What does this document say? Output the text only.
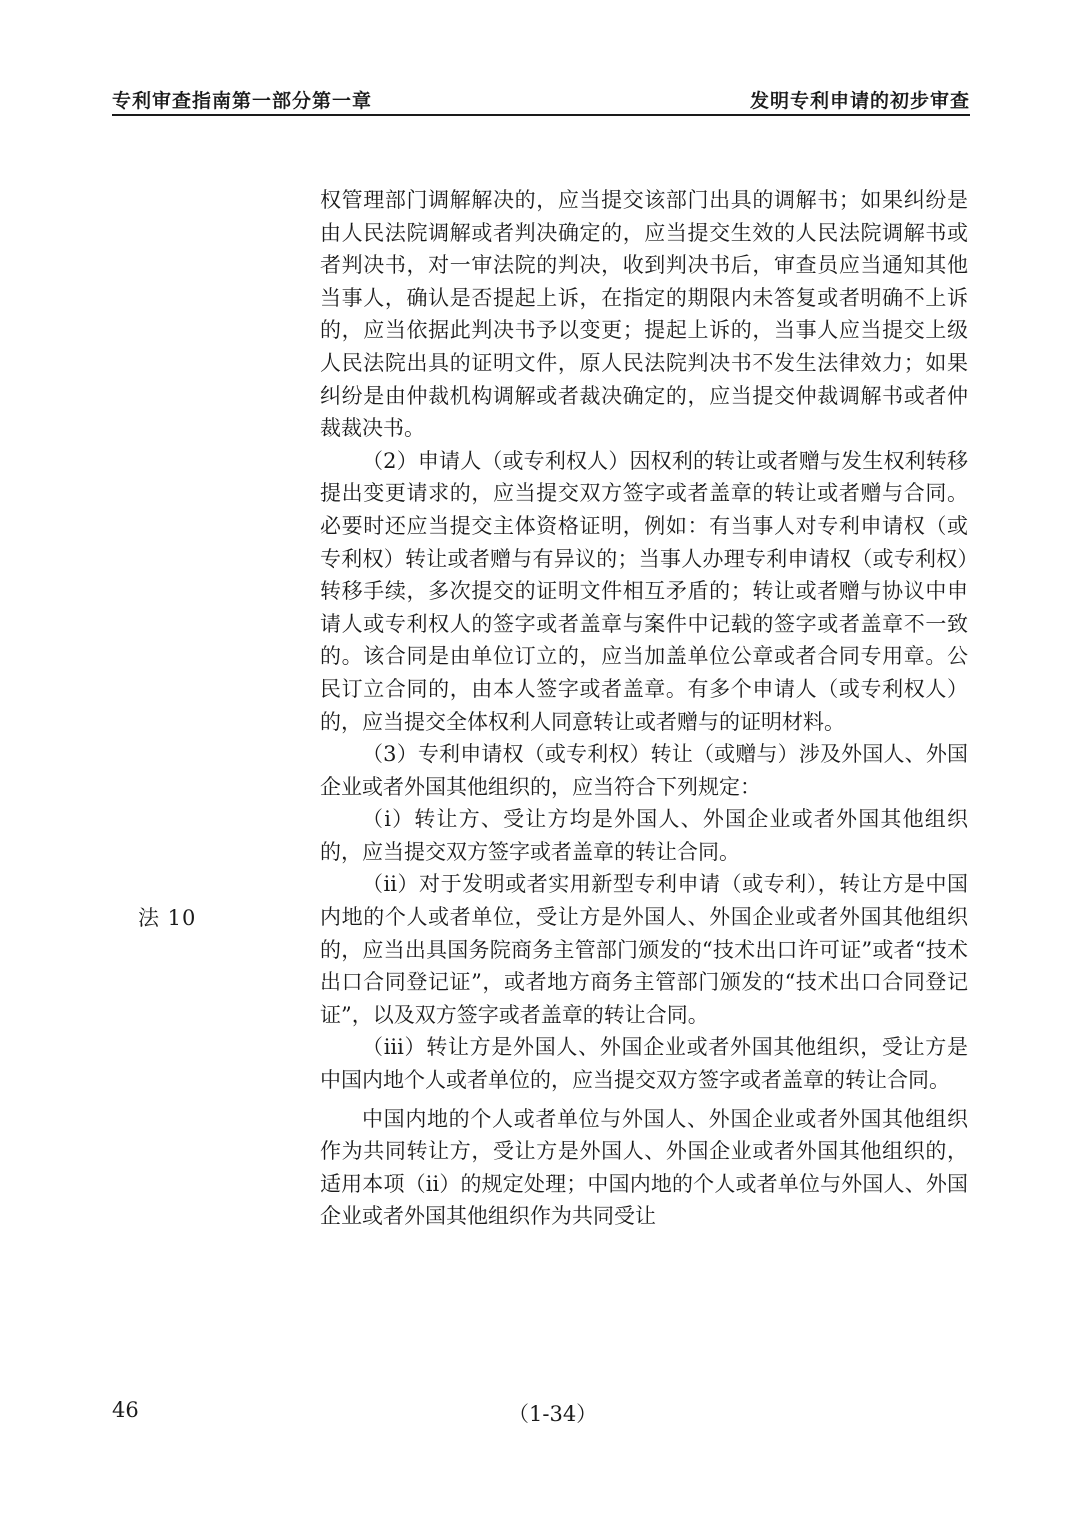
专利审查指南第一部分第一章	发明专利申请的初步审查
法 10

权管理部门调解解决的，应当提交该部门出具的调解书；如果纠纷是由人民法院调解或者判决确定的，应当提交生效的人民法院调解书或者判决书，对一审法院的判决，收到判决书后，审查员应当通知其他当事人，确认是否提起上诉，在指定的期限内未答复或者明确不上诉的，应当依据此判决书予以变更；提起上诉的，当事人应当提交上级人民法院出具的证明文件，原人民法院判决书不发生法律效力；如果纠纷是由仲裁机构调解或者裁决确定的，应当提交仲裁调解书或者仲裁裁决书。

（2）申请人（或专利权人）因权利的转让或者赠与发生权利转移提出变更请求的，应当提交双方签字或者盖章的转让或者赠与合同。必要时还应当提交主体资格证明，例如：有当事人对专利申请权（或专利权）转让或者赠与有异议的；当事人办理专利申请权（或专利权）转移手续，多次提交的证明文件相互矛盾的；转让或者赠与协议中申请人或专利权人的签字或者盖章与案件中记载的签字或者盖章不一致的。该合同是由单位订立的，应当加盖单位公章或者合同专用章。公民订立合同的，由本人签字或者盖章。有多个申请人（或专利权人）的，应当提交全体权利人同意转让或者赠与的证明材料。

（3）专利申请权（或专利权）转让（或赠与）涉及外国人、外国企业或者外国其他组织的，应当符合下列规定：

（i）转让方、受让方均是外国人、外国企业或者外国其他组织的，应当提交双方签字或者盖章的转让合同。

（ii）对于发明或者实用新型专利申请（或专利），转让方是中国内地的个人或者单位，受让方是外国人、外国企业或者外国其他组织的，应当出具国务院商务主管部门颁发的“技术出口许可证”或者“技术出口合同登记证”，或者地方商务主管部门颁发的“技术出口合同登记证”，以及双方签字或者盖章的转让合同。

（iii）转让方是外国人、外国企业或者外国其他组织，受让方是中国内地个人或者单位的，应当提交双方签字或者盖章的转让合同。

中国内地的个人或者单位与外国人、外国企业或者外国其他组织作为共同转让方，受让方是外国人、外国企业或者外国其他组织的，适用本项（ii）的规定处理；中国内地的个人或者单位与外国人、外国企业或者外国其他组织作为共同受让

46	（1-34）
